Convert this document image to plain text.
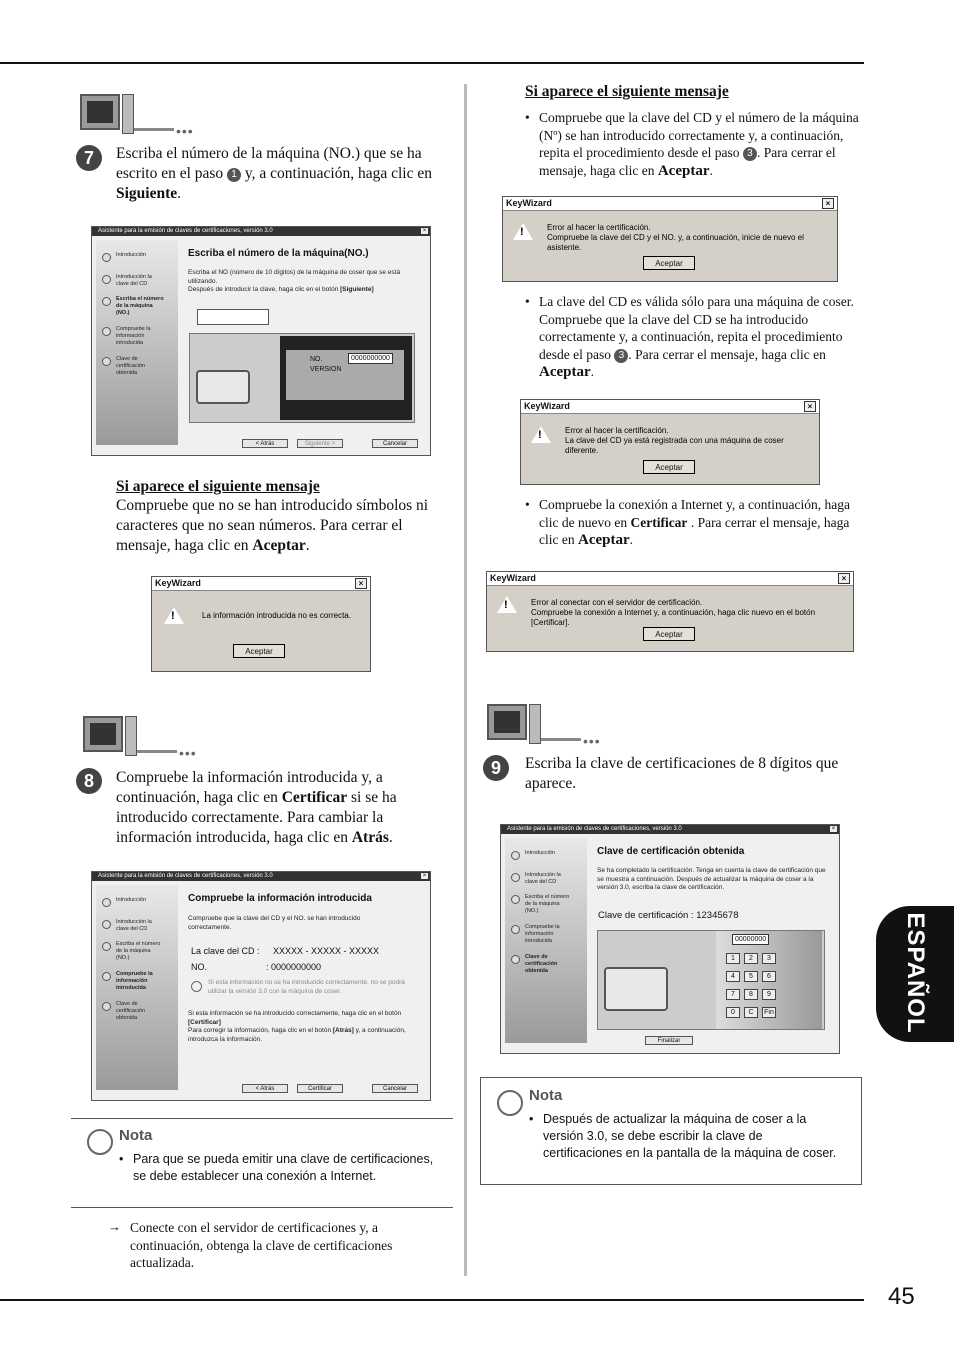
ESPAÑOL
45
•••
7	Escriba el número de la máquina (NO.) que se ha escrito en el paso 1 y, a continuación, haga clic en Siguiente.
Asistente para la emisión de claves de certificaciones, versión 3.0	×
Introducción
Introducción la clave del CD
Escriba el número de la máquina (NO.)
Compruebe la información introducida
Clave de certificación obtenida
Escriba el número de la máquina(NO.)
Escriba el NO (número de 10 dígitos) de la máquina de coser que se está utilizando.
Después de introducir la clave, haga clic en el botón [Siguiente]
NO.	0000000000
VERSION
< Atrás	Siguiente >	Cancelar
Si aparece el siguiente mensaje
Compruebe que no se han introducido símbolos ni caracteres que no sean números. Para cerrar el mensaje, haga clic en Aceptar.
KeyWizard	×
!
La información introducida no es correcta.
Aceptar
•••
8	Compruebe la información introducida y, a continuación, haga clic en Certificar si se ha introducido correctamente. Para cambiar la información introducida, haga clic en Atrás.
Asistente para la emisión de claves de certificaciones, versión 3.0	×
Introducción
Introducción la clave del CD
Escriba el número de la máquina (NO.)
Compruebe la información introducida
Clave de certificación obtenida
Compruebe la información introducida
Compruebe que la clave del CD y el NO. se han introducido correctamente.
La clave del CD : XXXXX - XXXXX - XXXXX
NO.	: 0000000000
Si esta información no se ha introducido correctamente, no se podrá utilizar la versión 3.0 con la máquina de coser.
Si esta información se ha introducido correctamente, haga clic en el botón [Certificar]
Para corregir la información, haga clic en el botón [Atrás] y, a continuación, introduzca la información.
< Atrás	Certificar	Cancelar
Nota
• Para que se pueda emitir una clave de certificaciones, se debe establecer una conexión a Internet.
→ Conecte con el servidor de certificaciones y, a continuación, obtenga la clave de certificaciones actualizada.
Si aparece el siguiente mensaje
• Compruebe que la clave del CD y el número de la máquina (Nº) se han introducido correctamente y, a continuación, repita el procedimiento desde el paso 3 . Para cerrar el mensaje, haga clic en Aceptar.
KeyWizard	×
!
Error al hacer la certificación.
Compruebe la clave del CD y el NO. y, a continuación, inicie de nuevo el asistente.
Aceptar
• La clave del CD es válida sólo para una máquina de coser. Compruebe que la clave del CD se ha introducido correctamente y, a continuación, repita el procedimiento desde el paso 3 . Para cerrar el mensaje, haga clic en Aceptar.
KeyWizard	×
!
Error al hacer la certificación.
La clave del CD ya está registrada con una máquina de coser diferente.
Aceptar
• Compruebe la conexión a Internet y, a continuación, haga clic de nuevo en Certificar . Para cerrar el mensaje, haga clic en Aceptar.
KeyWizard	×
!
Error al conectar con el servidor de certificación.
Compruebe la conexión a Internet y, a continuación, haga clic nuevo en el botón [Certificar].
Aceptar
•••
9	Escriba la clave de certificaciones de 8 dígitos que aparece.
Asistente para la emisión de claves de certificaciones, versión 3.0	×
Introducción
Introducción la clave del CD
Escriba el número de la máquina (NO.)
Compruebe la información introducida
Clave de certificación obtenida
Clave de certificación obtenida
Se ha completado la certificación. Tenga en cuenta la clave de certificación que se muestra a continuación. Después de actualizar la máquina de coser a la versión 3.0, escriba la clave de certificación.
Clave de certificación : 12345678
00000000
1	2	3
4	5	6
7	8	9
0	C	Fin
Finalizar
Nota
• Después de actualizar la máquina de coser a la versión 3.0, se debe escribir la clave de certificaciones en la pantalla de la máquina de coser.
